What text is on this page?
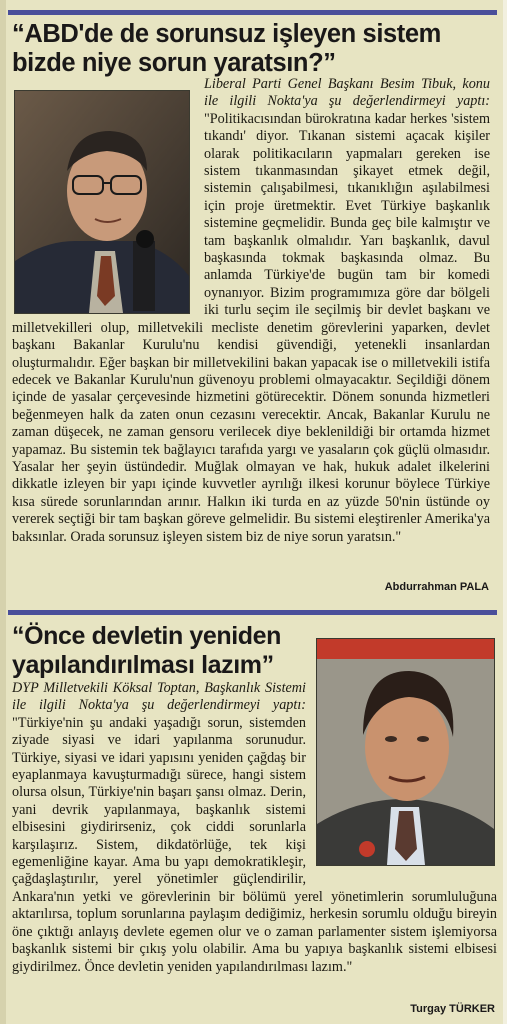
“ABD'de de sorunsuz işleyen sistem bizde niye sorun yaratsın?”
Liberal Parti Genel Başkanı Besim Tibuk, konu ile ilgili Nokta'ya şu değerlendirmeyi yaptı: "Politikacısından bürokratına kadar herkes 'sistem tıkandı' diyor. Tıkanan sistemi açacak kişiler olarak politikacıların yapmaları gereken ise sistem tıkanmasından şikayet etmek değil, sistemin çalışabilmesi, tıkanıklığın aşılabilmesi için proje üretmektir. Evet Türkiye başkanlık sistemine geçmelidir. Bunda geç bile kalmıştır ve tam başkanlık olmalıdır. Yarı başkanlık, davul başkasında tokmak başkasında olmaz. Bu anlamda Türkiye'de bugün tam bir komedi oynanıyor. Bizim programımıza göre dar bölgeli iki turlu seçim ile seçilmiş bir devlet başkanı ve milletvekilleri olup, milletvekili mecliste denetim görevlerini yaparken, devlet başkanı Bakanlar Kurulu'nu kendisi güvendiği, yetenekli insanlardan oluşturmalıdır. Eğer başkan bir milletvekilini bakan yapacak ise o milletvekili istifa edecek ve Bakanlar Kurulu'nun güvenoyu problemi olmayacaktır. Seçildiği dönem içinde de yasalar çerçevesinde hizmetini götürecektir. Dönem sonunda hizmetleri beğenmeyen halk da zaten onun cezasını verecektir. Ancak, Bakanlar Kurulu ne zaman düşecek, ne zaman gensoru verilecek diye beklenildiği bir ortamda hizmet yapamaz. Bu sistemin tek bağlayıcı tarafıda yargı ve yasaların çok güçlü olmasıdır. Yasalar her şeyin üstündedir. Muğlak olmayan ve hak, hukuk adalet ilkelerini dikkatle izleyen bir yapı içinde kuvvetler ayrılığı ilkesi korunur böylece Türkiye kısa sürede sorunlarından arınır. Halkın iki turda en az yüzde 50'nin üstünde oy vererek seçtiği bir tam başkan göreve gelmelidir. Bu sistemi eleştirenler Amerika'ya baksınlar. Orada sorunsuz işleyen sistem biz de niye sorun yaratsın."
Abdurrahman PALA
“Önce devletin yeniden yapılandırılması lazım”
DYP Milletvekili Köksal Toptan, Başkanlık Sistemi ile ilgili Nokta'ya şu değerlendirmeyi yaptı: "Türkiye'nin şu andaki yaşadığı sorun, sistemden ziyade siyasi ve idari yapılanma sorunudur. Türkiye, siyasi ve idari yapısını yeniden çağdaş bir eyaplanmaya kavuşturmadığı sürece, hangi sistem olursa olsun, Türkiye'nin başarı şansı olmaz. Derin, yani devrik yapılanmaya, başkanlık sistemi elbisesini giydirirseniz, çok ciddi sorunlarla karşılaşırız. Sistem, dikdatörlüğe, tek kişi egemenliğine kayar. Ama bu yapı demokratikleşir, çağdaşlaştırılır, yerel yönetimler güçlendirilir, Ankara'nın yetki ve görevlerinin bir bölümü yerel yönetimlerin sorumluluğuna aktarılırsa, toplum sorunlarına paylaşım dediğimiz, herkesin sorumlu olduğu bireyin öne çıktığı anlayış devlete egemen olur ve o zaman parlamenter sistem işlemiyorsa başkanlık sistemi bir çıkış yolu olabilir. Ama bu yapıya başkanlık sistemi elbisesi giydirilmez. Önce devletin yeniden yapılandırılması lazım."
Turgay TÜRKER
